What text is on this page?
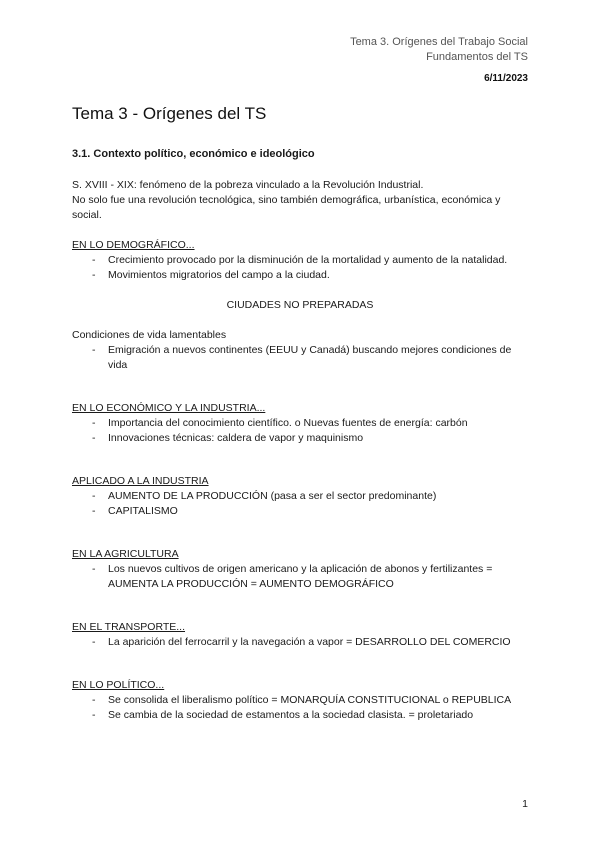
Tema 3. Orígenes del Trabajo Social
Fundamentos del TS
6/11/2023
Tema 3 - Orígenes del TS
3.1. Contexto político, económico e ideológico

S. XVIII - XIX: fenómeno de la pobreza vinculado a la Revolución Industrial.

No solo fue una revolución tecnológica, sino también demográfica, urbanística, económica y social.

EN LO DEMOGRÁFICO...

- Crecimiento provocado por la disminución de la mortalidad y aumento de la natalidad.
- Movimientos migratorios del campo a la ciudad.

CIUDADES NO PREPARADAS

Condiciones de vida lamentables

- Emigración a nuevos continentes (EEUU y Canadá) buscando mejores condiciones de vida

EN LO ECONÓMICO Y LA INDUSTRIA...

- Importancia del conocimiento científico. o Nuevas fuentes de energía: carbón
- Innovaciones técnicas: caldera de vapor y maquinismo

APLICADO A LA INDUSTRIA

- AUMENTO DE LA PRODUCCIÓN (pasa a ser el sector predominante)
- CAPITALISMO

EN LA AGRICULTURA

- Los nuevos cultivos de origen americano y la aplicación de abonos y fertilizantes = AUMENTA LA PRODUCCIÓN = AUMENTO DEMOGRÁFICO

EN EL TRANSPORTE...

- La aparición del ferrocarril y la navegación a vapor = DESARROLLO DEL COMERCIO

EN LO POLÍTICO...

- Se consolida el liberalismo político = MONARQUÍA CONSTITUCIONAL o REPUBLICA
- Se cambia de la sociedad de estamentos a la sociedad clasista. = proletariado
1
